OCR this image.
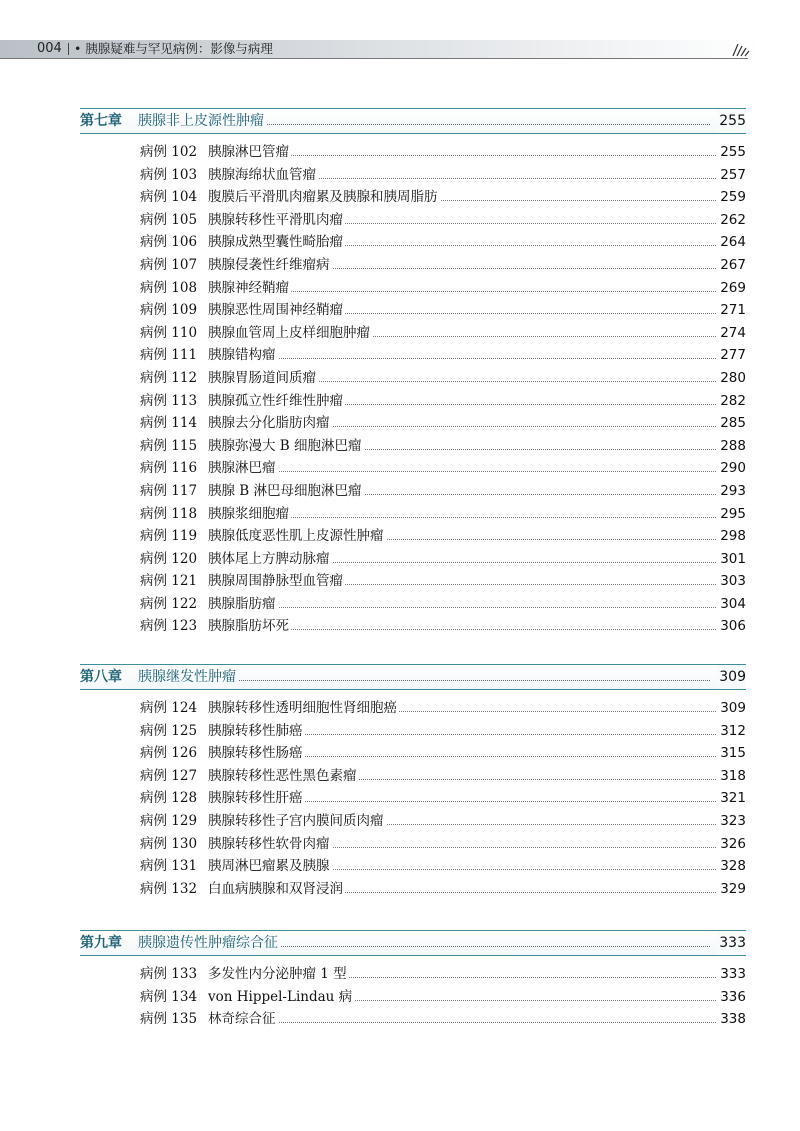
004 • 胰腺疑难与罕见病例：影像与病理
第七章	胰腺非上皮源性肿瘤	255
病例 102 胰腺淋巴管瘤	255
病例 103 胰腺海绵状血管瘤	257
病例 104 腹膜后平滑肌肉瘤累及胰腺和胰周脂肪	259
病例 105 胰腺转移性平滑肌肉瘤	262
病例 106 胰腺成熟型囊性畸胎瘤	264
病例 107 胰腺侵袭性纤维瘤病	267
病例 108 胰腺神经鞘瘤	269
病例 109 胰腺恶性周围神经鞘瘤	271
病例 110 胰腺血管周上皮样细胞肿瘤	274
病例 111 胰腺错构瘤	277
病例 112 胰腺胃肠道间质瘤	280
病例 113 胰腺孤立性纤维性肿瘤	282
病例 114 胰腺去分化脂肪肉瘤	285
病例 115 胰腺弥漫大 B 细胞淋巴瘤	288
病例 116 胰腺淋巴瘤	290
病例 117 胰腺 B 淋巴母细胞淋巴瘤	293
病例 118 胰腺浆细胞瘤	295
病例 119 胰腺低度恶性肌上皮源性肿瘤	298
病例 120 胰体尾上方脾动脉瘤	301
病例 121 胰腺周围静脉型血管瘤	303
病例 122 胰腺脂肪瘤	304
病例 123 胰腺脂肪坏死	306
第八章	胰腺继发性肿瘤	309
病例 124 胰腺转移性透明细胞性肾细胞癌	309
病例 125 胰腺转移性肺癌	312
病例 126 胰腺转移性肠癌	315
病例 127 胰腺转移性恶性黑色素瘤	318
病例 128 胰腺转移性肝癌	321
病例 129 胰腺转移性子宫内膜间质肉瘤	323
病例 130 胰腺转移性软骨肉瘤	326
病例 131 胰周淋巴瘤累及胰腺	328
病例 132 白血病胰腺和双肾浸润	329
第九章	胰腺遗传性肿瘤综合征	333
病例 133 多发性内分泌肿瘤 1 型	333
病例 134 von Hippel-Lindau 病	336
病例 135 林奇综合征	338
